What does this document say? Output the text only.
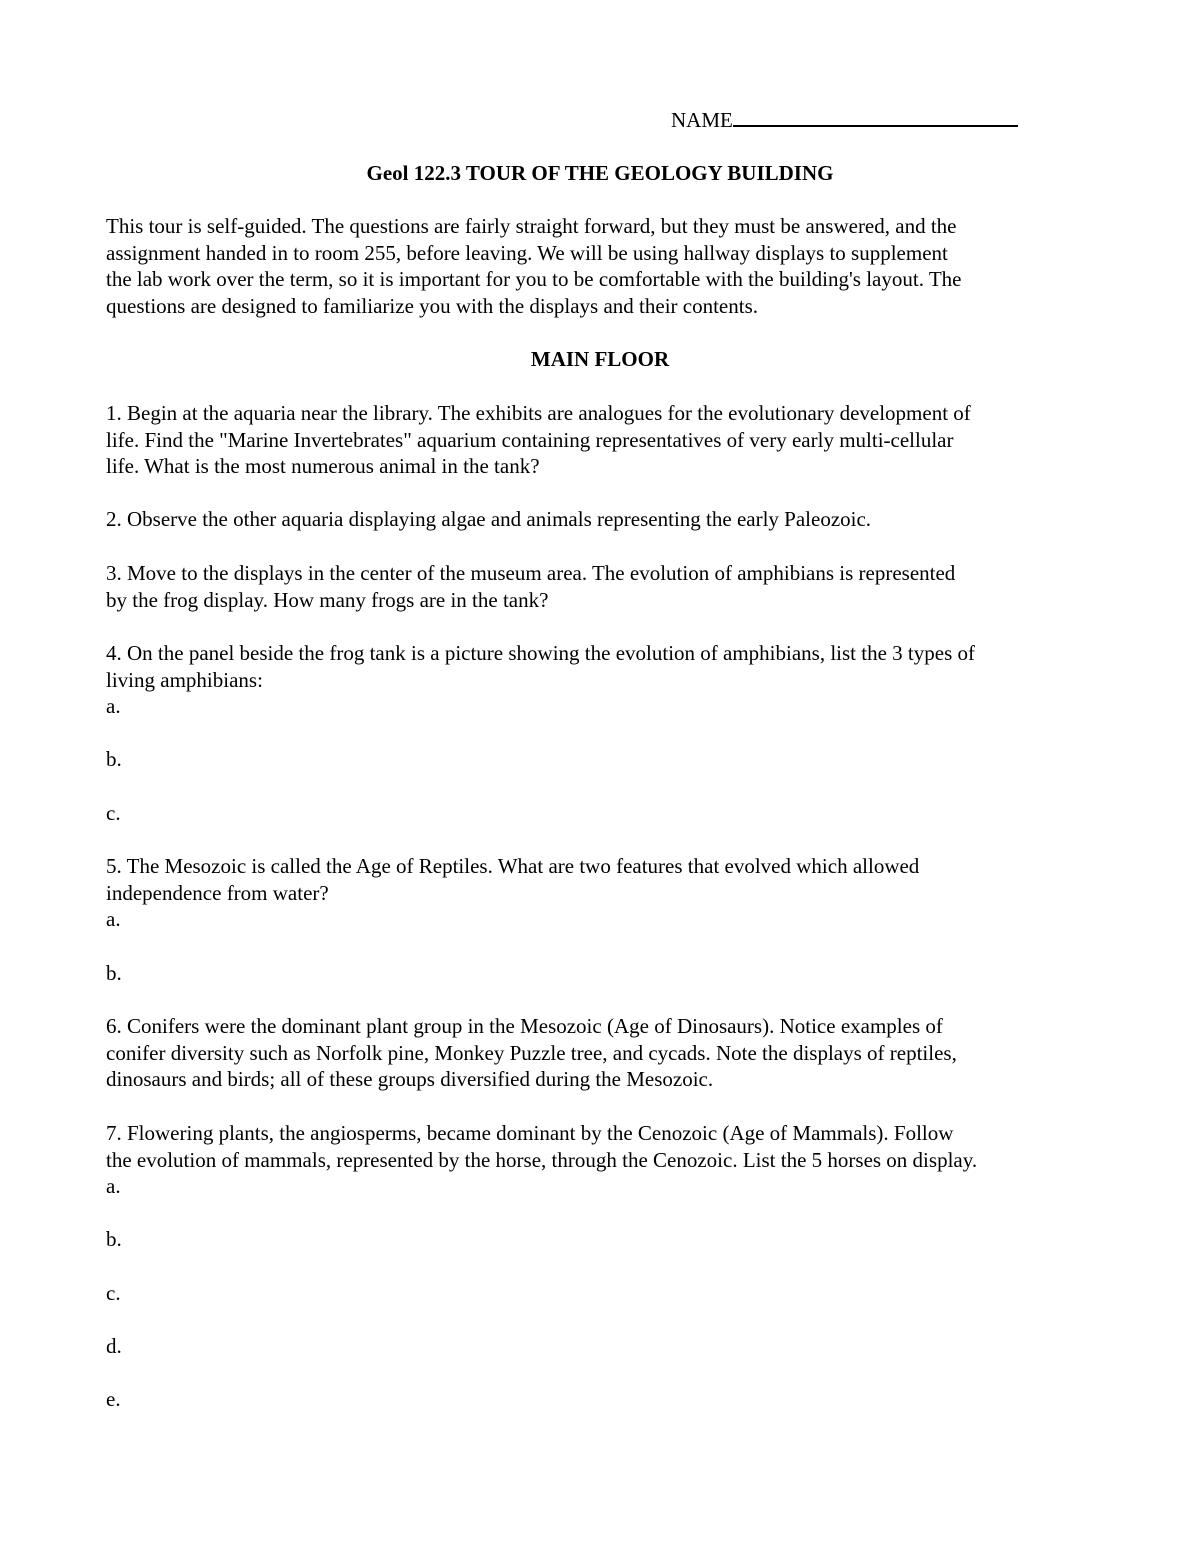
NAME
Geol 122.3 TOUR OF THE GEOLOGY BUILDING
This tour is self-guided. The questions are fairly straight forward, but they must be answered, and the
assignment handed in to room 255, before leaving. We will be using hallway displays to supplement
the lab work over the term, so it is important for you to be comfortable with the building's layout. The
questions are designed to familiarize you with the displays and their contents.
MAIN FLOOR
1. Begin at the aquaria near the library. The exhibits are analogues for the evolutionary development of
life. Find the "Marine Invertebrates" aquarium containing representatives of very early multi-cellular
life. What is the most numerous animal in the tank?
2. Observe the other aquaria displaying algae and animals representing the early Paleozoic.
3. Move to the displays in the center of the museum area. The evolution of amphibians is represented
by the frog display. How many frogs are in the tank?
4. On the panel beside the frog tank is a picture showing the evolution of amphibians, list the 3 types of
living amphibians:
a.
b.
c.
5. The Mesozoic is called the Age of Reptiles. What are two features that evolved which allowed
independence from water?
a.
b.
6. Conifers were the dominant plant group in the Mesozoic (Age of Dinosaurs). Notice examples of
conifer diversity such as Norfolk pine, Monkey Puzzle tree, and cycads. Note the displays of reptiles,
dinosaurs and birds; all of these groups diversified during the Mesozoic.
7. Flowering plants, the angiosperms, became dominant by the Cenozoic (Age of Mammals). Follow
the evolution of mammals, represented by the horse, through the Cenozoic. List the 5 horses on display.
a.
b.
c.
d.
e.
